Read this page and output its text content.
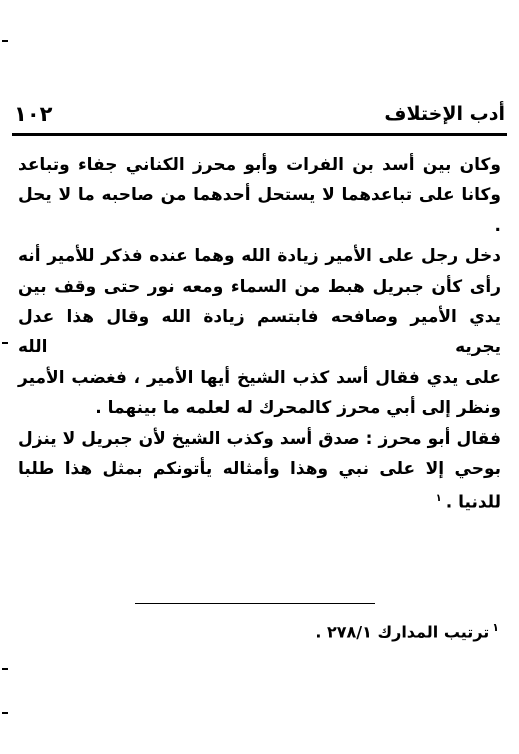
١٠٢	أدب الإختلاف

وكان بين أسد بن الفرات وأبو محرز الكناني جفاء وتباعد

وكانا على تباعدهما لا يستحل أحدهما من صاحبه ما لا يحل .

دخل رجل على الأمير زيادة الله وهما عنده فذكر للأمير أنه

رأى كأن جبريل هبط من السماء ومعه نور حتى وقف بين

يدي الأمير وصافحه فابتسم زيادة الله وقال هذا عدل يجريه الله

على يدي فقال أسد كذب الشيخ أيها الأمير ، فغضب الأمير

ونظر إلى أبي محرز كالمحرك له لعلمه ما بينهما .

فقال أبو محرز : صدق أسد وكذب الشيخ لأن جبريل لا ينزل

بوحي إلا على نبي وهذا وأمثاله يأتونكم بمثل هذا طلبا للدنيا .$^١$

$^١$ترتيب المدارك ٢٧٨/١ .
